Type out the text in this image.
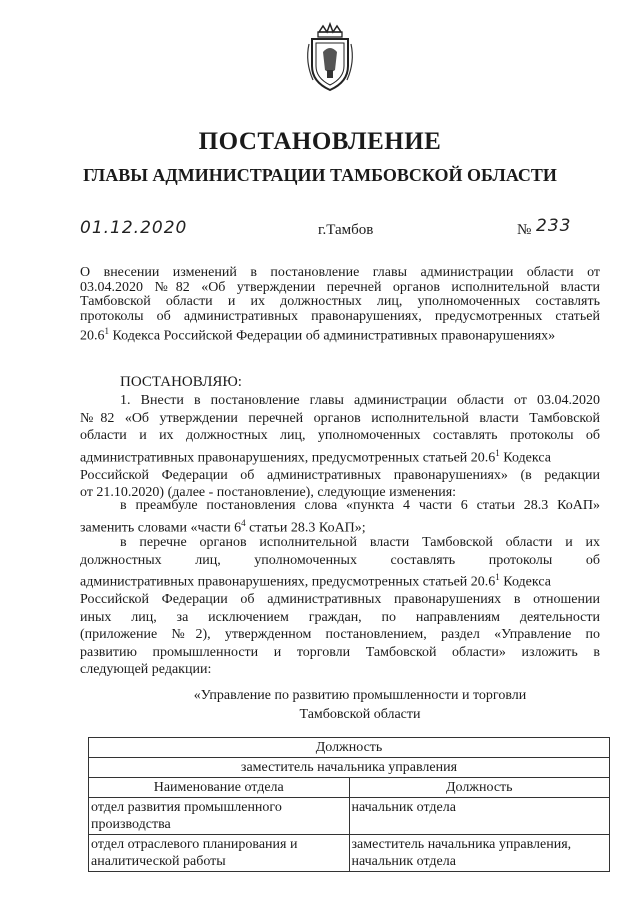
ПОСТАНОВЛЕНИЕ
ГЛАВЫ АДМИНИСТРАЦИИ ТАМБОВСКОЙ ОБЛАСТИ
01.12.2020	г.Тамбов	№ 233
О внесении изменений в постановление главы администрации области от
03.04.2020 №82 «Об утверждении перечней органов исполнительной власти
Тамбовской области и их должностных лиц, уполномоченных составлять
протоколы об административных правонарушениях, предусмотренных статьей
20.6$^1$ Кодекса Российской Федерации об административных правонарушениях»
ПОСТАНОВЛЯЮ:
1. Внести в постановление главы администрации области от 03.04.2020
№82 «Об утверждении перечней органов исполнительной власти Тамбовской
области и их должностных лиц, уполномоченных составлять протоколы об
административных правонарушениях, предусмотренных статьей 20.6$^1$ Кодекса
Российской Федерации об административных правонарушениях» (в редакции
от 21.10.2020) (далее - постановление), следующие изменения:
в преамбуле постановления слова «пункта 4 части 6 статьи 28.3 КоАП»
заменить словами «части $6^4$ статьи 28.3 КоАП»;
в перечне органов исполнительной власти Тамбовской области и их
должностных лиц, уполномоченных составлять протоколы об
административных правонарушениях, предусмотренных статьей 20.6$^1$ Кодекса
Российской Федерации об административных правонарушениях в отношении
иных лиц, за исключением граждан, по направлениям деятельности
(приложение №2), утвержденном постановлением, раздел «Управление по
развитию промышленности и торговли Тамбовской области» изложить в
следующей редакции:
«Управление по развитию промышленности и торговли
Тамбовской области
Должность	
заместитель начальника управления	
Наименование отдела	Должность
отдел развития промышленного производства	начальник отдела
отдел отраслевого планирования и аналитической работы	заместитель начальника управления, начальник отдела
